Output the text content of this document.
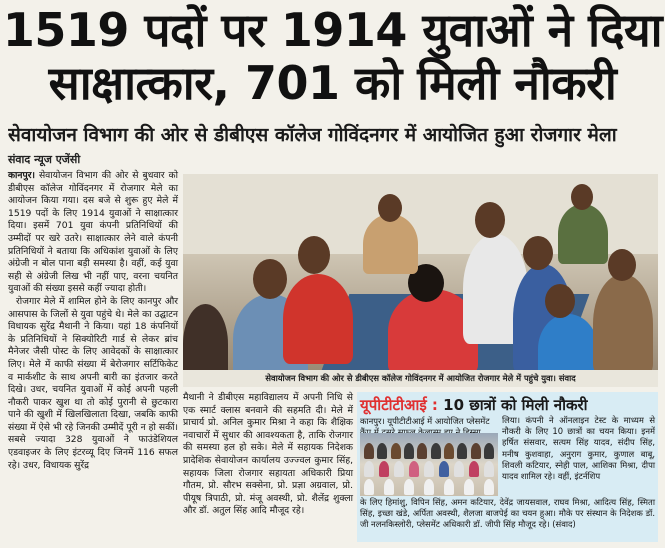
1519 पदों पर 1914 युवाओं ने दिया
साक्षात्कार, 701 को मिली नौकरी
सेवायोजन विभाग की ओर से डीबीएस कॉलेज गोविंदनगर में आयोजित हुआ रोजगार मेला
संवाद न्यूज एजेंसी

कानपुर। सेवायोजन विभाग की ओर से बुधवार को डीबीएस कॉलेज गोविंदनगर में रोजगार मेले का आयोजन किया गया। दस बजे से शुरू हुए मेले में 1519 पदों के लिए 1914 युवाओं ने साक्षात्कार दिया। इसमें 701 युवा कंपनी प्रतिनिधियों की उम्मीदों पर खरे उतरे। साक्षात्कार लेने वाले कंपनी प्रतिनिधियों ने बताया कि अधिकांश युवाओं के लिए अंग्रेजी न बोल पाना बड़ी समस्या है। वहीं, कई युवा सही से अंग्रेजी लिख भी नहीं पाए, वरना चयनित युवाओं की संख्या इससे कहीं ज्यादा होती।

रोजगार मेले में शामिल होने के लिए कानपुर और आसपास के जिलों से युवा पहुंचे थे। मेले का उद्घाटन विधायक सुरेंद्र मैथानी ने किया। यहां 18 कंपनियों के प्रतिनिधियों ने सिक्योरिटी गार्ड से लेकर ब्रांच मैनेजर जैसी पोस्ट के लिए आवेदकों के साक्षात्कार लिए। मेले में काफी संख्या में बेरोजगार सर्टिफिकेट व मार्कशीट के साथ अपनी बारी का इंतजार करते दिखे। उधर, चयनित युवाओं में कोई अपनी पहली नौकरी पाकर खुश था तो कोई पुरानी से छुटकारा पाने की खुशी में खिलखिलाता दिखा, जबकि काफी संख्या में ऐसे भी रहे जिनकी उम्मीदें पूरी न हो सकीं। सबसे ज्यादा 328 युवाओं ने फाउंडेशियल एडवाइजर के लिए इंटरव्यू दिए जिनमें 116 सफल रहे। उधर, विधायक सुरेंद्र

सेवायोजन विभाग की ओर से डीबीएस कॉलेज गोविंदनगर में आयोजित रोजगार मेले में पहुंचे युवा। संवाद
मैथानी ने डीबीएस महाविद्यालय में अपनी निधि से एक स्मार्ट क्लास बनवाने की सहमति दी। मेले में प्राचार्य प्रो. अनिल कुमार मिश्रा ने कहा कि शैक्षिक नवाचारों में सुधार की आवश्यकता है, ताकि रोजगार की समस्या हल हो सके। मेले में सहायक निदेशक प्रादेशिक सेवायोजन कार्यालय उज्ज्वल कुमार सिंह, सहायक जिला रोजगार सहायता अधिकारी प्रिया गौतम, प्रो. सौरभ सक्सेना, प्रो. प्रज्ञा अग्रवाल, प्रो. पीयूष त्रिपाठी, प्रो. मंजू अवस्थी, प्रो. शैलेंद्र शुक्ला और डॉ. अतुल सिंह आदि मौजूद रहे।
यूपीटीटीआई : 10 छात्रों को मिली नौकरी
कानपुर। यूपीटीटीआई में आयोजित प्लेसमेंट	लिया। कंपनी ने ऑनलाइन टेस्ट के माध्यम से नौकरी के लिए 10 छात्रों का चयन किया। इनमें हर्षित संसवार, सत्यम सिंह यादव, संदीप सिंह, मनीष कुशवाहा, अनुराग कुमार, कुणाल बाबू, शिवली कटियार, स्नेही पाल, आशिका मिश्रा, दीपा यादव शामिल रहे। वहीं, इंटर्नशिप
के लिए हिमांशु, विपिन सिंह, अमन कटियार, देवेंद्र जायसवाल, राघव मिश्रा, आदित्य सिंह, स्मिता सिंह, इच्छा खंडे, अर्पिता अवस्थी, शैलजा बाजपेई का चयन हुआ। मौके पर संस्थान के निदेशक डॉ. जी नलनकिस्लोरी, प्लेसमेंट अधिकारी डॉ. जीपी सिंह मौजूद रहे। (संवाद)
